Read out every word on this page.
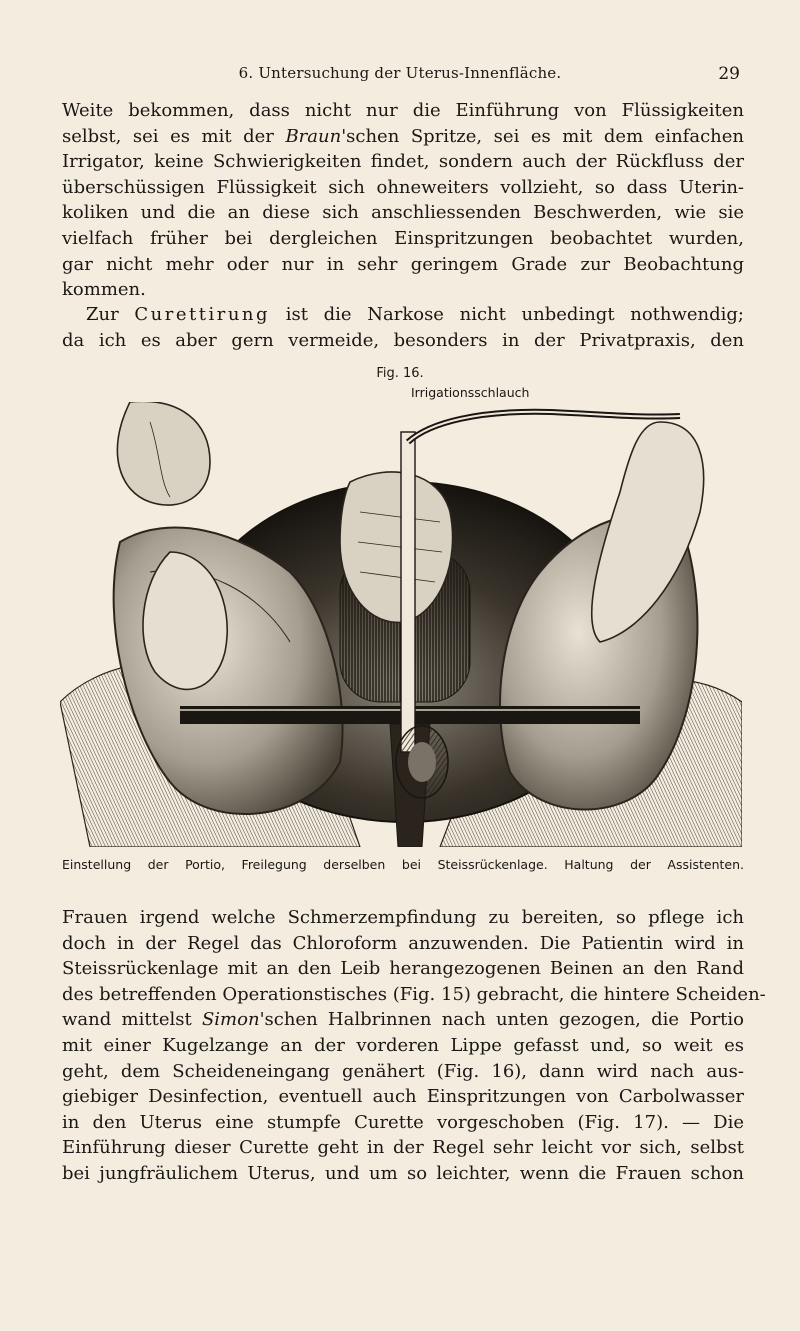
6. Untersuchung der Uterus-Innenfläche.	29
Weite bekommen, dass nicht nur die Einführung von Flüssigkeiten
selbst, sei es mit der Braun'schen Spritze, sei es mit dem einfachen
Irrigator, keine Schwierigkeiten findet, sondern auch der Rückfluss der
überschüssigen Flüssigkeit sich ohneweiters vollzieht, so dass Uterin-
koliken und die an diese sich anschliessenden Beschwerden, wie sie
vielfach früher bei dergleichen Einspritzungen beobachtet wurden,
gar nicht mehr oder nur in sehr geringem Grade zur Beobachtung
kommen.
Zur Curettirung ist die Narkose nicht unbedingt nothwendig;
da ich es aber gern vermeide, besonders in der Privatpraxis, den
Fig. 16.
Irrigationsschlauch
Einstellung der Portio, Freilegung derselben bei Steissrückenlage. Haltung der Assistenten.
Frauen irgend welche Schmerzempfindung zu bereiten, so pflege ich
doch in der Regel das Chloroform anzuwenden. Die Patientin wird in
Steissrückenlage mit an den Leib herangezogenen Beinen an den Rand
des betreffenden Operationstisches (Fig. 15) gebracht, die hintere Scheiden-
wand mittelst Simon'schen Halbrinnen nach unten gezogen, die Portio
mit einer Kugelzange an der vorderen Lippe gefasst und, so weit es
geht, dem Scheideneingang genähert (Fig. 16), dann wird nach aus-
giebiger Desinfection, eventuell auch Einspritzungen von Carbolwasser
in den Uterus eine stumpfe Curette vorgeschoben (Fig. 17). — Die
Einführung dieser Curette geht in der Regel sehr leicht vor sich, selbst
bei jungfräulichem Uterus, und um so leichter, wenn die Frauen schon
